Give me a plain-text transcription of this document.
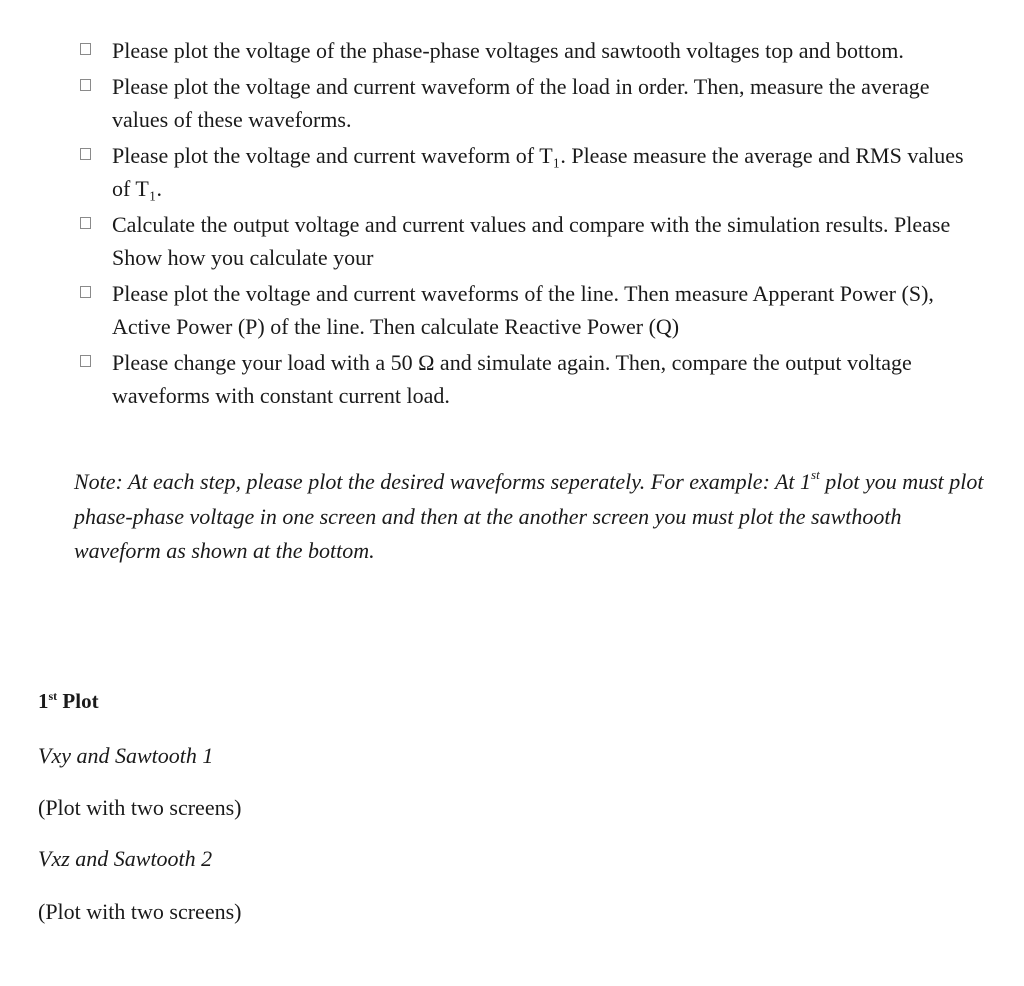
Please plot the voltage of the phase-phase voltages and sawtooth voltages top and bottom.
Please plot the voltage and current waveform of the load in order. Then, measure the average values of these waveforms.
Please plot the voltage and current waveform of T₁. Please measure the average and RMS values of T₁.
Calculate the output voltage and current values and compare with the simulation results. Please Show how you calculate your
Please plot the voltage and current waveforms of the line. Then measure Apperant Power (S), Active Power (P) of the line. Then calculate Reactive Power (Q)
Please change your load with a 50 Ω and simulate again. Then, compare the output voltage waveforms with constant current load.

Note: At each step, please plot the desired waveforms seperately. For example: At 1st plot you must plot phase-phase voltage in one screen and then at the another screen you must plot the sawthooth waveform as shown at the bottom.

1st Plot

Vxy and Sawtooth 1

(Plot with two screens)

Vxz and Sawtooth 2

(Plot with two screens)
